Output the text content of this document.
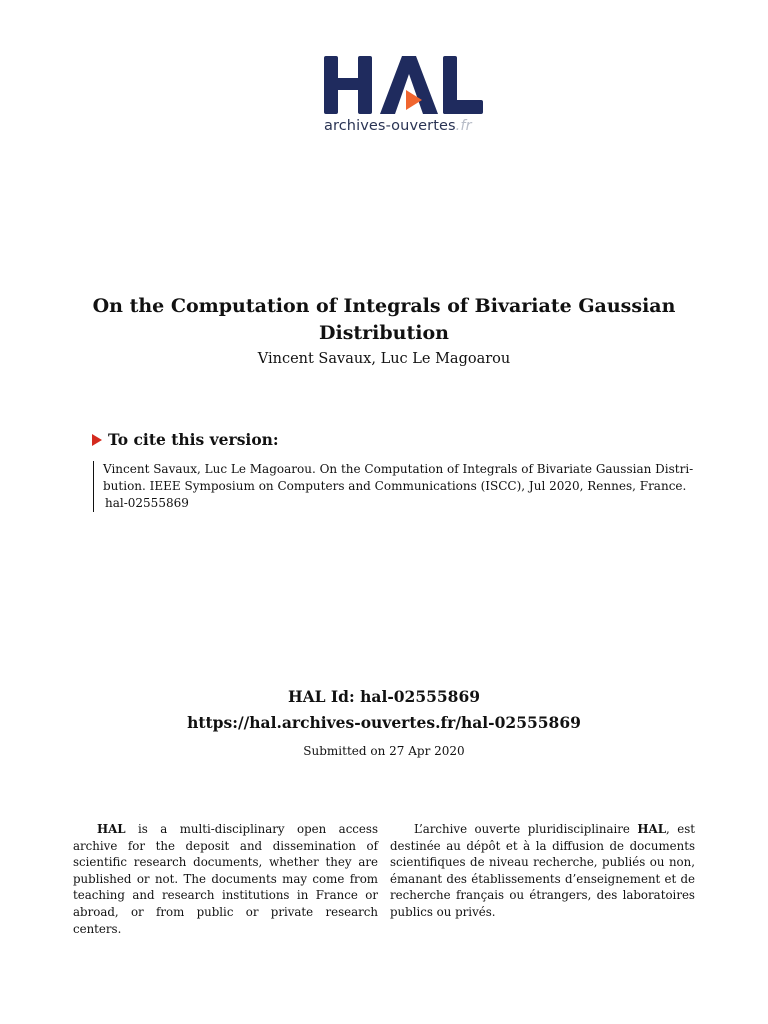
archives-ouvertes.fr
On the Computation of Integrals of Bivariate Gaussian Distribution
Vincent Savaux, Luc Le Magoarou
To cite this version:
Vincent Savaux, Luc Le Magoarou. On the Computation of Integrals of Bivariate Gaussian Distri-
bution. IEEE Symposium on Computers and Communications (ISCC), Jul 2020, Rennes, France.
hal-02555869
HAL Id: hal-02555869
https://hal.archives-ouvertes.fr/hal-02555869
Submitted on 27 Apr 2020
HAL is a multi-disciplinary open access archive for the deposit and dissemination of scientific research documents, whether they are published or not. The documents may come from teaching and research institutions in France or abroad, or from public or private research centers.
L’archive ouverte pluridisciplinaire HAL, est destinée au dépôt et à la diffusion de documents scientifiques de niveau recherche, publiés ou non, émanant des établissements d’enseignement et de recherche français ou étrangers, des laboratoires publics ou privés.
